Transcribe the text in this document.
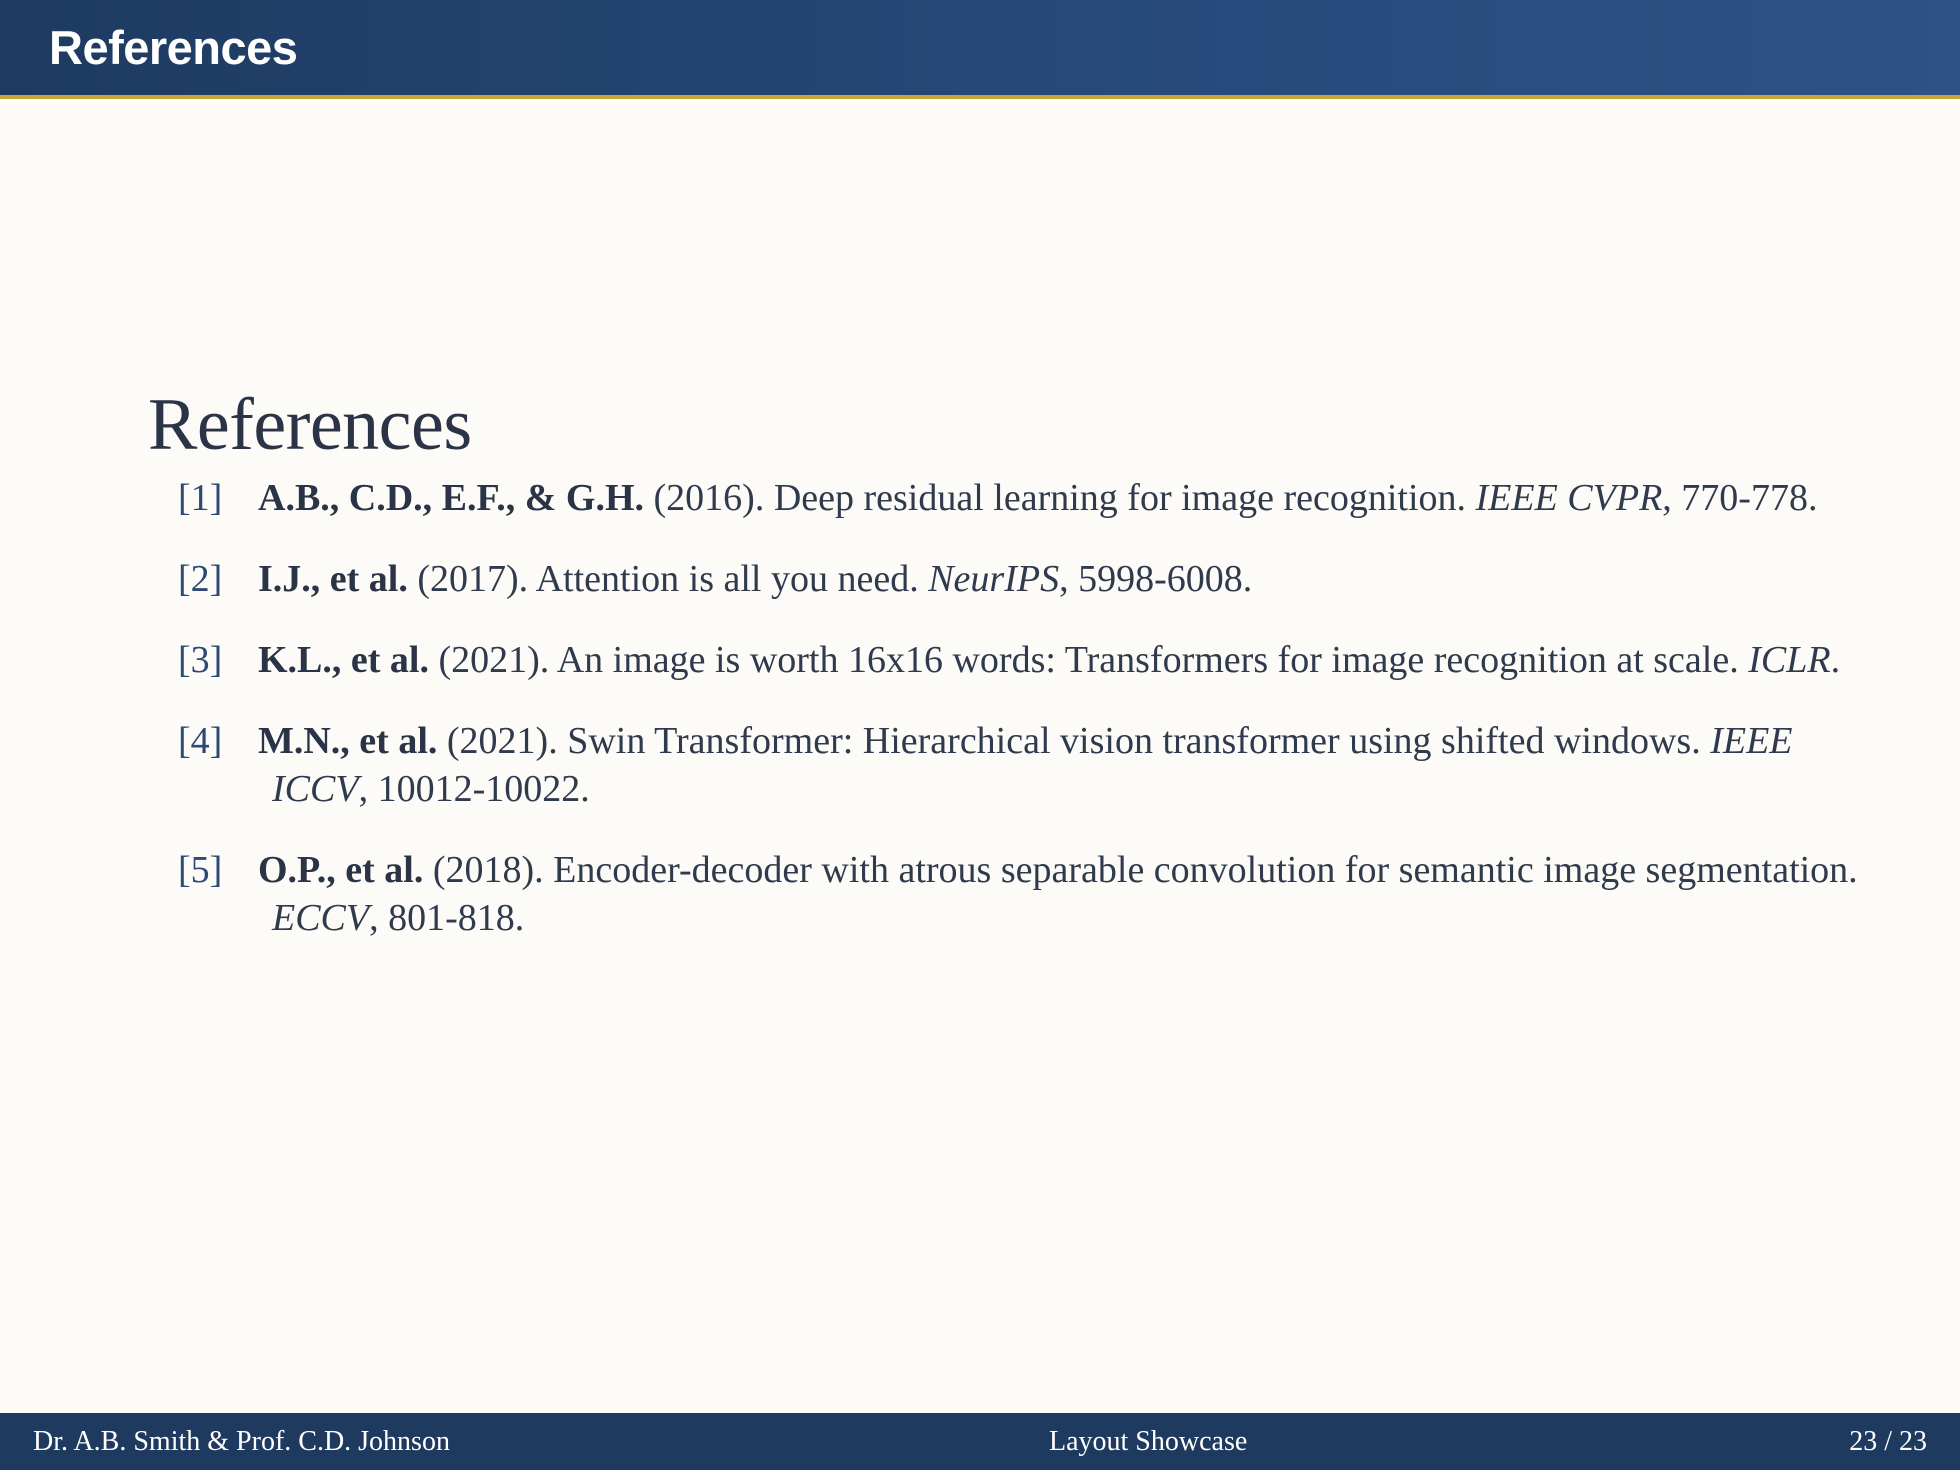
References
References
[1] A.B., C.D., E.F., & G.H. (2016). Deep residual learning for image recognition. IEEE CVPR, 770-778.
[2] I.J., et al. (2017). Attention is all you need. NeurIPS, 5998-6008.
[3] K.L., et al. (2021). An image is worth 16x16 words: Transformers for image recognition at scale. ICLR.
[4] M.N., et al. (2021). Swin Transformer: Hierarchical vision transformer using shifted windows. IEEE ICCV, 10012-10022.
[5] O.P., et al. (2018). Encoder-decoder with atrous separable convolution for semantic image segmentation. ECCV, 801-818.
Dr. A.B. Smith & Prof. C.D. Johnson	Layout Showcase	23 / 23
